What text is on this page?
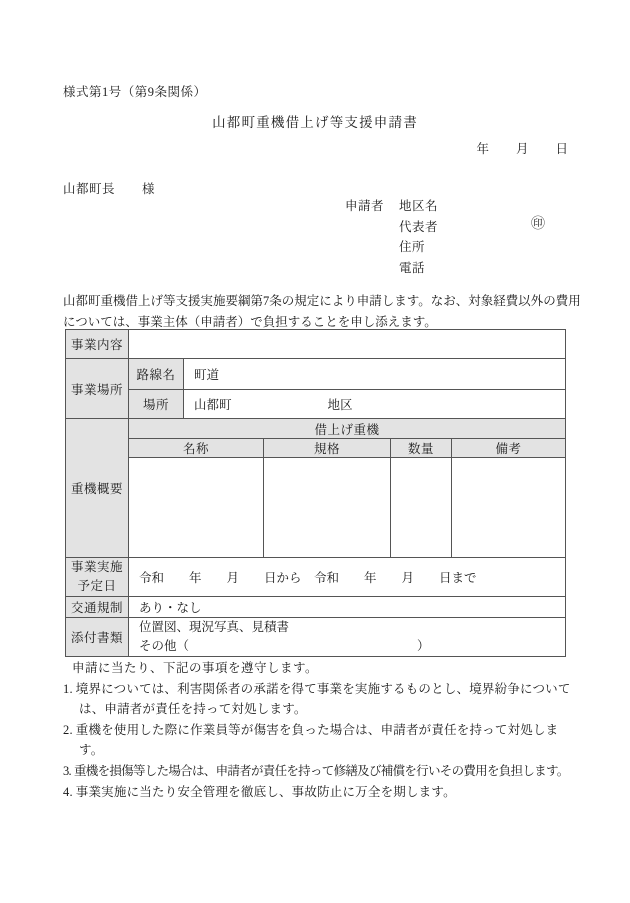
様式第1号（第9条関係）
山都町重機借上げ等支援申請書
年 月 日
山都町長 様
申請者	地区名
代表者	㊞
住所
電話
山都町重機借上げ等支援実施要綱第7条の規定により申請します。なお、対象経費以外の費用
については、事業主体（申請者）で負担することを申し添えます。
事業内容					
事業場所	路線名	町道			
	場所	山都町 地区			
重機概要	借上げ重機				
	名称		規格	数量	備考

事業実施
予定日	令和　　年　　月　　日から　令和　　年　　月　　日まで				
交通規制	あり・なし				
添付書類	位置図、現況写真、見積書
その他（ ）				
申請に当たり、下記の事項を遵守します。
1. 境界については、利害関係者の承諾を得て事業を実施するものとし、境界紛争については、申請者が責任を持って対処します。
2. 重機を使用した際に作業員等が傷害を負った場合は、申請者が責任を持って対処します。
3. 重機を損傷等した場合は、申請者が責任を持って修繕及び補償を行いその費用を負担します。
4. 事業実施に当たり安全管理を徹底し、事故防止に万全を期します。
